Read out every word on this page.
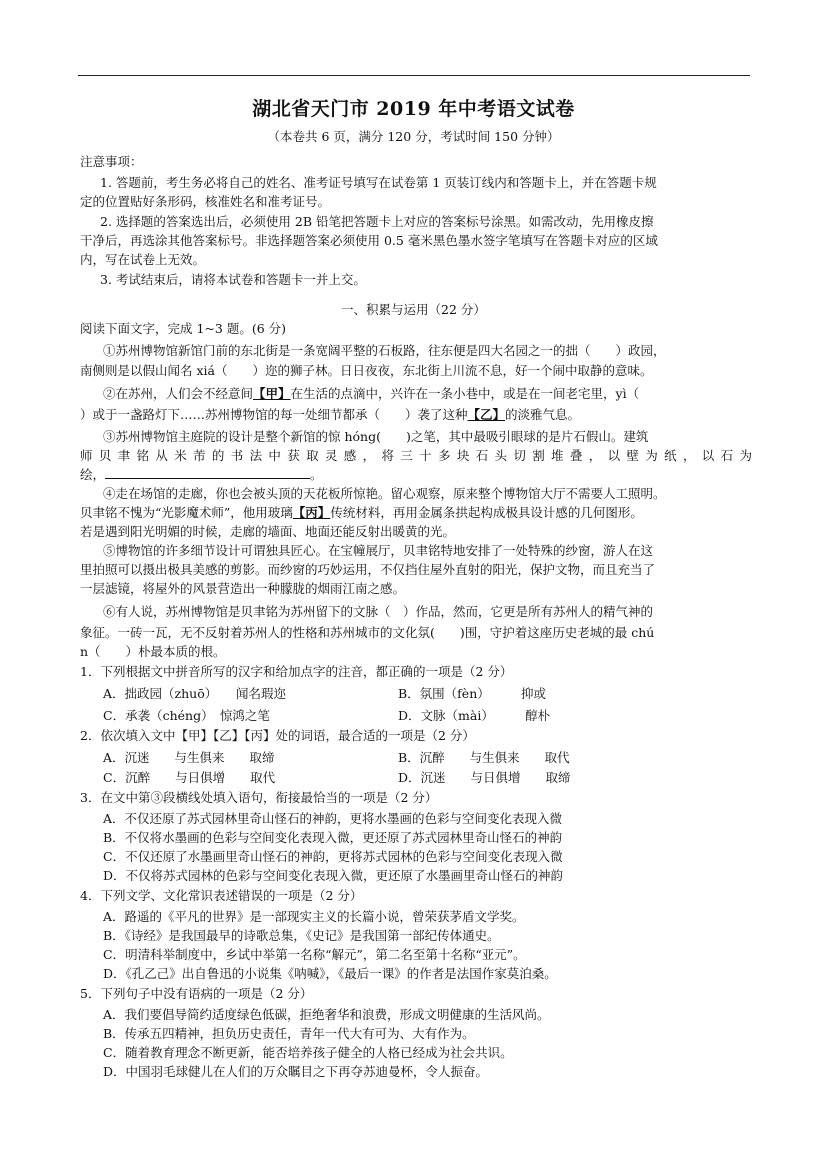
湖北省天门市 2019 年中考语文试卷
（本卷共 6 页，满分 120 分，考试时间 150 分钟）
注意事项：
1. 答题前，考生务必将自己的姓名、准考证号填写在试卷第 1 页装订线内和答题卡上，并在答题卡规
定的位置贴好条形码，核准姓名和准考证号。
2. 选择题的答案选出后，必须使用 2B 铅笔把答题卡上对应的答案标号涂黑。如需改动，先用橡皮擦
干净后，再选涂其他答案标号。非选择题答案必须使用 0.5 毫米黑色墨水签字笔填写在答题卡对应的区域
内，写在试卷上无效。
3. 考试结束后，请将本试卷和答题卡一并上交。
一、积累与运用（22 分）
阅读下面文字，完成 1~3 题。(6 分)
①苏州博物馆新馆门前的东北街是一条宽阔平整的石板路，往东便是四大名园之一的拙（　　）政园，
南侧则是以假山闻名 xiá（　　）迩的狮子林。日日夜夜，东北街上川流不息，好一个闹中取静的意味。
②在苏州，人们会不经意间【甲】在生活的点滴中，兴许在一条小巷中，或是在一间老宅里，yì（
）或于一盏路灯下……苏州博物馆的每一处细节都承（　　）袭了这种【乙】的淡雅气息。
③苏州博物馆主庭院的设计是整个新馆的惊 hóng(　　)之笔，其中最吸引眼球的是片石假山。建筑
师贝聿铭从米芾的书法中获取灵感，将三十多块石头切割堆叠，以壁为纸，以石为
绘，	。
④走在场馆的走廊，你也会被头顶的天花板所惊艳。留心观察，原来整个博物馆大厅不需要人工照明。
贝聿铭不愧为“光影魔术师”，他用玻璃【丙】传统材料，再用金属条拱起构成极具设计感的几何图形。
若是遇到阳光明媚的时候，走廊的墙面、地面还能反射出暖黄的光。
⑤博物馆的许多细节设计可谓独具匠心。在宝幢展厅，贝聿铭特地安排了一处特殊的纱窗，游人在这
里拍照可以摄出极具美感的剪影。而纱窗的巧妙运用，不仅挡住屋外直射的阳光，保护文物，而且充当了
一层滤镜，将屋外的风景营造出一种朦胧的烟雨江南之感。
⑥有人说，苏州博物馆是贝聿铭为苏州留下的文脉（　）作品，然而，它更是所有苏州人的精气神的
象征。一砖一瓦，无不反射着苏州人的性格和苏州城市的文化氛(　　)围，守护着这座历史老城的最 chú
n（　　）朴最本质的根。
1．下列根据文中拼音所写的汉字和给加点字的注音，都正确的一项是（2 分）
A．拙政园（zhuō）　　闻名瑕迩	B．氛围（fèn）　　　抑或
C．承袭（chéng）　惊鸿之笔	D．文脉（mài）　　　醇朴
2．依次填入文中【甲】【乙】【丙】处的词语，最合适的一项是（2 分）
A．沉迷　　与生俱来　　取缔	B．沉醉　　与生俱来　　取代
C．沉醉　　与日俱增　　取代	D．沉迷　　与日俱增　　取缔
3．在文中第③段横线处填入语句，衔接最恰当的一项是（2 分）
A．不仅还原了苏式园林里奇山怪石的神韵，更将水墨画的色彩与空间变化表现入微
B．不仅将水墨画的色彩与空间变化表现入微，更还原了苏式园林里奇山怪石的神韵
C．不仅还原了水墨画里奇山怪石的神韵，更将苏式园林的色彩与空间变化表现入微
D．不仅将苏式园林的色彩与空间变化表现入微，更还原了水墨画里奇山怪石的神韵
4．下列文学、文化常识表述错误的一项是（2 分）
A．路遥的《平凡的世界》是一部现实主义的长篇小说，曾荣获茅盾文学奖。
B．《诗经》是我国最早的诗歌总集，《史记》是我国第一部纪传体通史。
C．明清科举制度中，乡试中举第一名称“解元”，第二名至第十名称“亚元”。
D．《孔乙己》出自鲁迅的小说集《呐喊》，《最后一课》的作者是法国作家莫泊桑。
5．下列句子中没有语病的一项是（2 分）
A．我们要倡导简约适度绿色低碳，拒绝奢华和浪费，形成文明健康的生活风尚。
B．传承五四精神，担负历史责任，青年一代大有可为、大有作为。
C．随着教育理念不断更新，能否培养孩子健全的人格已经成为社会共识。
D．中国羽毛球健儿在人们的万众瞩目之下再夺苏迪曼杯，令人振奋。
